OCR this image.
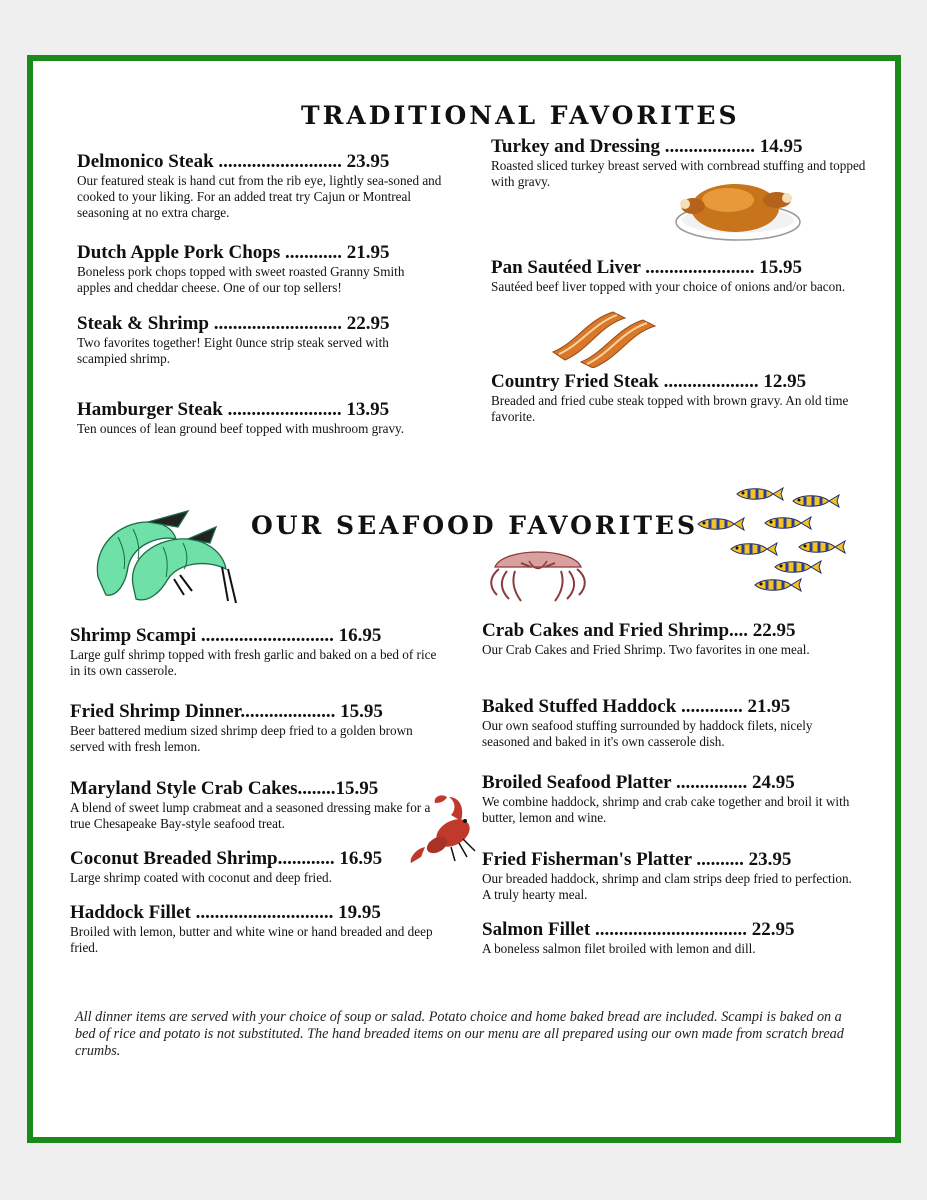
TRADITIONAL FAVORITES
Delmonico Steak .......................... 23.95
Our featured steak is hand cut from the rib eye, lightly sea-soned and cooked to your liking. For an added treat try Cajun or Montreal seasoning at no extra charge.
Dutch Apple Pork Chops ............ 21.95
Boneless pork chops topped with sweet roasted Granny Smith apples and cheddar cheese. One of our top sellers!
Steak & Shrimp ........................... 22.95
Two favorites together! Eight 0unce strip steak served with scampied shrimp.
Hamburger Steak ........................ 13.95
Ten ounces of lean ground beef topped with mushroom gravy.
Turkey and Dressing ................... 14.95
Roasted sliced turkey breast served with cornbread stuffing and topped with gravy.
Pan Sautéed Liver ....................... 15.95
Sautéed beef liver topped with your choice of onions and/or bacon.
Country Fried Steak .................... 12.95
Breaded and fried cube steak topped with brown gravy. An old time favorite.
OUR SEAFOOD FAVORITES
Shrimp Scampi ............................ 16.95
Large gulf shrimp topped with fresh garlic and baked on a bed of rice in its own casserole.
Fried Shrimp Dinner.................... 15.95
Beer battered medium sized shrimp deep fried to a golden brown served with fresh lemon.
Maryland Style Crab Cakes........15.95
A blend of sweet lump crabmeat and a seasoned dressing make for a true Chesapeake Bay-style seafood treat.
Coconut Breaded Shrimp............ 16.95
Large shrimp coated with coconut and deep fried.
Haddock Fillet ............................. 19.95
Broiled with lemon, butter and white wine or hand breaded and deep fried.
Crab Cakes and Fried Shrimp.... 22.95
Our Crab Cakes and Fried Shrimp. Two favorites in one meal.
Baked Stuffed Haddock ............. 21.95
Our own seafood stuffing surrounded by haddock filets, nicely seasoned and baked in it's own casserole dish.
Broiled Seafood Platter ............... 24.95
We combine haddock, shrimp and crab cake together and broil it with butter, lemon and wine.
Fried Fisherman's Platter .......... 23.95
Our breaded haddock, shrimp and clam strips deep fried to perfection. A truly hearty meal.
Salmon Fillet ................................ 22.95
A boneless salmon filet broiled with lemon and dill.
All dinner items are served with your choice of soup or salad. Potato choice and home baked bread are included. Scampi is baked on a bed of rice and potato is not substituted. The hand breaded items on our menu are all prepared using our own made from scratch bread crumbs.
